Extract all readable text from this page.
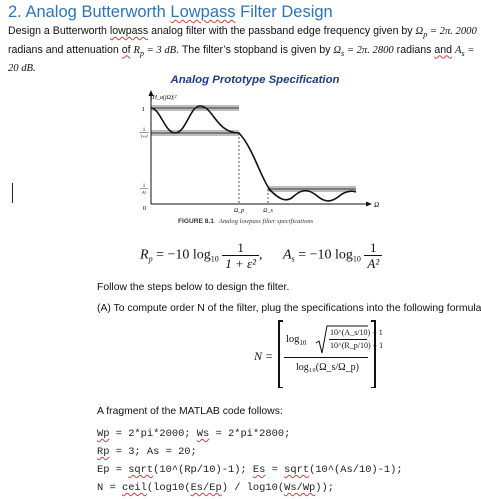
2. Analog Butterworth Lowpass Filter Design
Design a Butterworth lowpass analog filter with the passband edge frequency given by $\Omega_p = 2\pi$. 2000
radians and attenuation of $R_p = 3$ dB. The filter’s stopband is given by $\Omega_s = 2\pi$. 2800 radians and $A_s$ =
20 dB.
Analog Prototype Specification
|H_a(jΩ)|²
1
1
1+ε²
1
A²
0	Ω_p	Ω_s
Ω
FIGURE 8.1 Analog lowpass filter specifications
$R_p = -10$ $\log_{10} \frac{1}{\text{1 + ε²}}$ , $A_s = -10$ $\log_{10} \frac{1}{\text{A²}}$
Follow the steps below to design the filter.
(A) To compute order N of the filter, plug the specifications into the following formula
N =
$\log_{10}$
10^(A_s/10) − 1
10^(R_p/10) − 1
log₁₀(Ω_s/Ω_p)
A fragment of the MATLAB code follows:
Wp = 2*pi*2000; Ws = 2*pi*2800;
Rp = 3; As = 20;
Ep = sqrt(10^(Rp/10)-1); Es = sqrt(10^(As/10)-1);
N = ceil(log10(Es/Ep) / log10(Ws/Wp));
